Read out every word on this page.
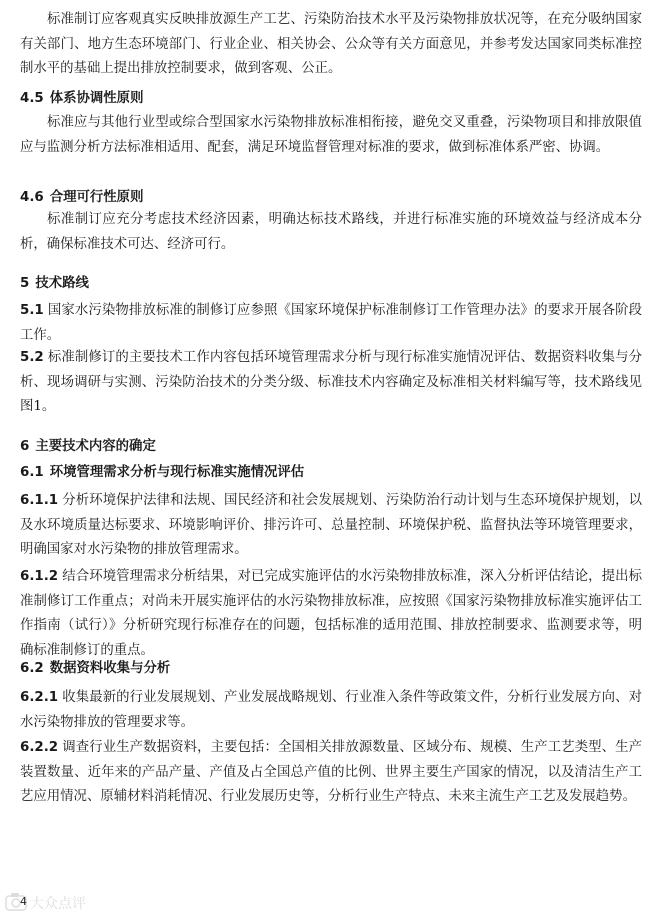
标准制订应客观真实反映排放源生产工艺、污染防治技术水平及污染物排放状况等，在充分吸纳国家有关部门、地方生态环境部门、行业企业、相关协会、公众等有关方面意见，并参考发达国家同类标准控制水平的基础上提出排放控制要求，做到客观、公正。

4.5 体系协调性原则

标准应与其他行业型或综合型国家水污染物排放标准相衔接，避免交叉重叠，污染物项目和排放限值应与监测分析方法标准相适用、配套，满足环境监督管理对标准的要求，做到标准体系严密、协调。

4.6 合理可行性原则

标准制订应充分考虑技术经济因素，明确达标技术路线，并进行标准实施的环境效益与经济成本分析，确保标准技术可达、经济可行。

5 技术路线

5.1 国家水污染物排放标准的制修订应参照《国家环境保护标准制修订工作管理办法》的要求开展各阶段工作。

5.2 标准制修订的主要技术工作内容包括环境管理需求分析与现行标准实施情况评估、数据资料收集与分析、现场调研与实测、污染防治技术的分类分级、标准技术内容确定及标准相关材料编写等，技术路线见图1。

6 主要技术内容的确定
6.1 环境管理需求分析与现行标准实施情况评估

6.1.1 分析环境保护法律和法规、国民经济和社会发展规划、污染防治行动计划与生态环境保护规划，以及水环境质量达标要求、环境影响评价、排污许可、总量控制、环境保护税、监督执法等环境管理要求，明确国家对水污染物的排放管理需求。

6.1.2 结合环境管理需求分析结果，对已完成实施评估的水污染物排放标准，深入分析评估结论，提出标准制修订工作重点；对尚未开展实施评估的水污染物排放标准，应按照《国家污染物排放标准实施评估工作指南（试行）》分析研究现行标准存在的问题，包括标准的适用范围、排放控制要求、监测要求等，明确标准制修订的重点。

6.2 数据资料收集与分析

6.2.1 收集最新的行业发展规划、产业发展战略规划、行业准入条件等政策文件，分析行业发展方向、对水污染物排放的管理要求等。

6.2.2 调查行业生产数据资料，主要包括：全国相关排放源数量、区域分布、规模、生产工艺类型、生产装置数量、近年来的产品产量、产值及占全国总产值的比例、世界主要生产国家的情况，以及清洁生产工艺应用情况、原辅材料消耗情况、行业发展历史等，分析行业生产特点、未来主流生产工艺及发展趋势。

4 大众点评
